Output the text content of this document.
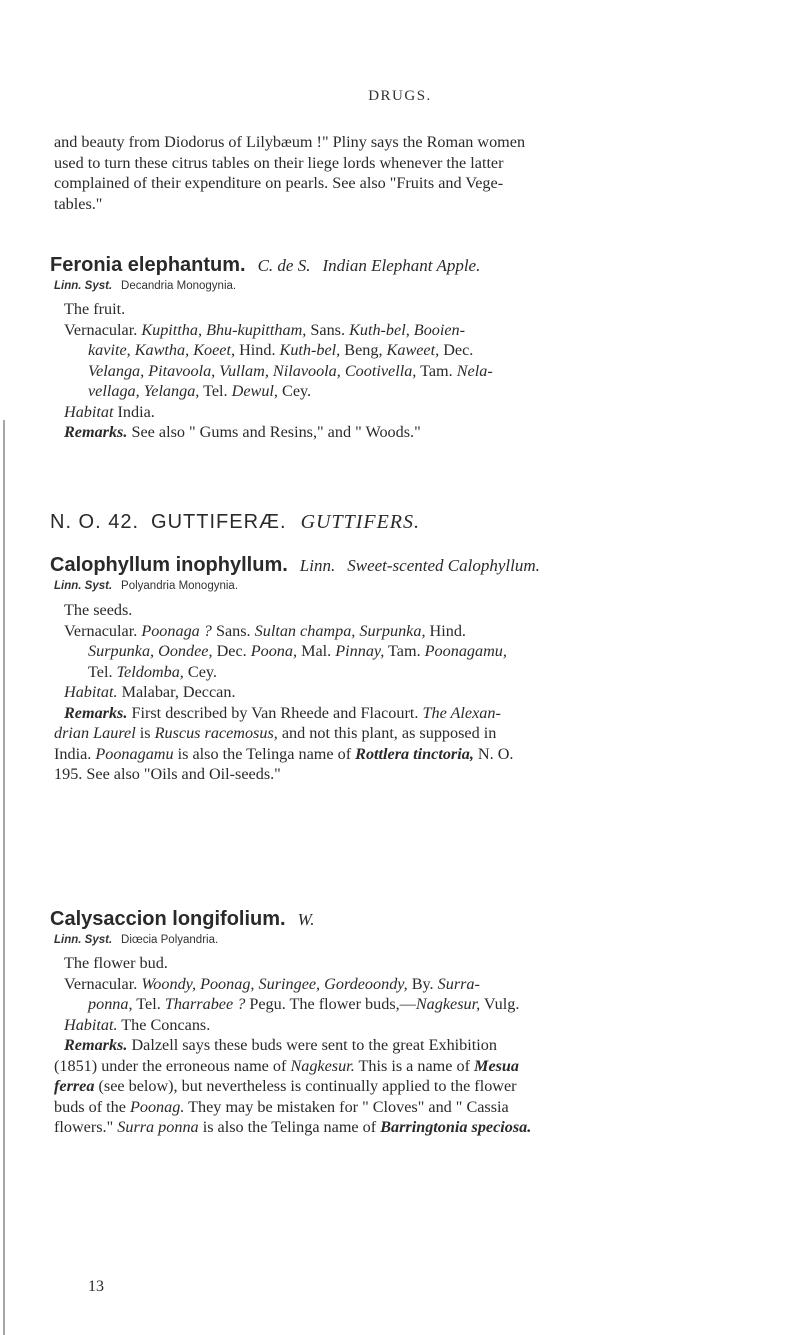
DRUGS.
and beauty from Diodorus of Lilybæum !" Pliny says the Roman women
used to turn these citrus tables on their liege lords whenever the latter
complained of their expenditure on pearls. See also "Fruits and Vege-
tables."
Feronia elephantum. C. de S. Indian Elephant Apple.
Linn. Syst. Decandria Monogynia.
The fruit.
Vernacular. Kupittha, Bhu-kupittham, Sans. Kuth-bel, Booien-
kavite, Kawtha, Koeet, Hind. Kuth-bel, Beng, Kaweet, Dec.
Velanga, Pitavoola, Vullam, Nilavoola, Cootivella, Tam. Nela-
vellaga, Yelanga, Tel. Dewul, Cey.
Habitat India.
Remarks. See also " Gums and Resins," and " Woods."
N. O. 42. GUTTIFERÆ. GUTTIFERS.
Calophyllum inophyllum. Linn. Sweet-scented Calophyllum.
Linn. Syst. Polyandria Monogynia.
The seeds.
Vernacular. Poonaga ? Sans. Sultan champa, Surpunka, Hind.
Surpunka, Oondee, Dec. Poona, Mal. Pinnay, Tam. Poonagamu,
Tel. Teldomba, Cey.
Habitat. Malabar, Deccan.
Remarks. First described by Van Rheede and Flacourt. The Alexan-
drian Laurel is Ruscus racemosus, and not this plant, as supposed in
India. Poonagamu is also the Telinga name of Rottlera tinctoria, N. O.
195. See also "Oils and Oil-seeds."
Calysaccion longifolium. W.
Linn. Syst. Diœcia Polyandria.
The flower bud.
Vernacular. Woondy, Poonag, Suringee, Gordeoondy, By. Surra-
ponna, Tel. Tharrabee ? Pegu. The flower buds,—Nagkesur, Vulg.
Habitat. The Concans.
Remarks. Dalzell says these buds were sent to the great Exhibition
(1851) under the erroneous name of Nagkesur. This is a name of Mesua
ferrea (see below), but nevertheless is continually applied to the flower
buds of the Poonag. They may be mistaken for " Cloves" and " Cassia
flowers." Surra ponna is also the Telinga name of Barringtonia speciosa.
13
